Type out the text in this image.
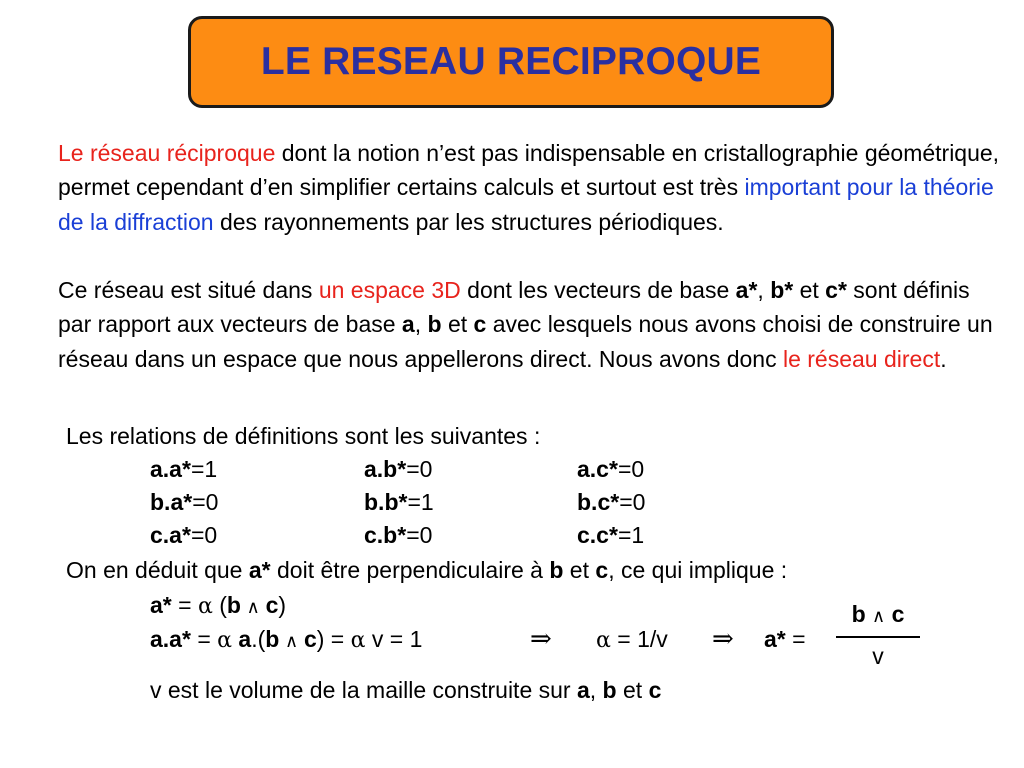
LE RESEAU RECIPROQUE

Le réseau réciproque dont la notion n’est pas indispensable en cristallographie géométrique, permet cependant d’en simplifier certains calculs et surtout est très important pour la théorie de la diffraction des rayonnements par les structures périodiques.

Ce réseau est situé dans un espace 3D dont les vecteurs de base a*, b* et c* sont définis par rapport aux vecteurs de base a, b et c avec lesquels nous avons choisi de construire un réseau dans un espace que nous appellerons direct. Nous avons donc le réseau direct.

Les relations de définitions sont les suivantes :
a.a*=1	a.b*=0	a.c*=0
b.a*=0	b.b*=1	b.c*=0
c.a*=0	c.b*=0	c.c*=1
On en déduit que a* doit être perpendiculaire à b et c, ce qui implique :
a* = α (b ∧ c)
a.a* = α a.(b ∧ c) = α v = 1	⇒ α = 1/v ⇒ a* =
b ∧ c
v
v est le volume de la maille construite sur a, b et c
